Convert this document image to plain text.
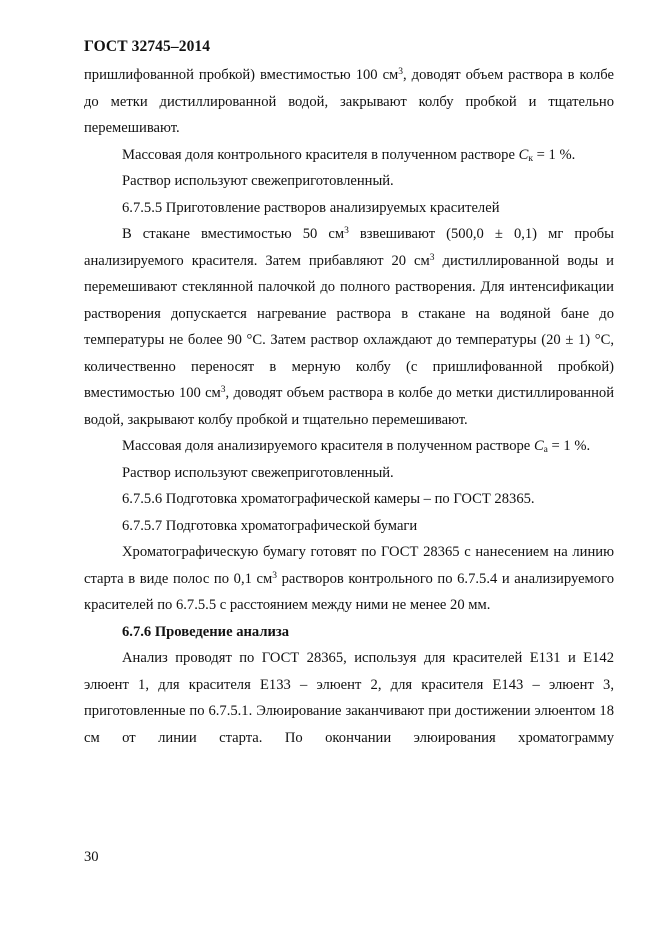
ГОСТ 32745–2014

пришлифованной пробкой) вместимостью 100 $см^3$, доводят объем раствора в колбе до метки дистиллированной водой, закрывают колбу пробкой и тщательно перемешивают.

Массовая доля контрольного красителя в полученном растворе $C_к = 1$ %.

Раствор используют свежеприготовленный.

6.7.5.5 Приготовление растворов анализируемых красителей

В стакане вместимостью 50 $см^3$ взвешивают (500,0 ± 0,1) мг пробы анализируемого красителя. Затем прибавляют 20 $см^3$ дистиллированной воды и перемешивают стеклянной палочкой до полного растворения. Для интенсификации растворения допускается нагревание раствора в стакане на водяной бане до температуры не более 90 °С. Затем раствор охлаждают до температуры (20 ± 1) °С, количественно переносят в мерную колбу (с пришлифованной пробкой) вместимостью 100 $см^3$, доводят объем раствора в колбе до метки дистиллированной водой, закрывают колбу пробкой и тщательно перемешивают.

Массовая доля анализируемого красителя в полученном растворе $C_а = 1$ %.

Раствор используют свежеприготовленный.

6.7.5.6 Подготовка хроматографической камеры – по ГОСТ 28365.

6.7.5.7 Подготовка хроматографической бумаги

Хроматографическую бумагу готовят по ГОСТ 28365 с нанесением на линию старта в виде полос по 0,1 $см^3$ растворов контрольного по 6.7.5.4 и анализируемого красителей по 6.7.5.5 с расстоянием между ними не менее 20 мм.

6.7.6 Проведение анализа

Анализ проводят по ГОСТ 28365, используя для красителей Е131 и Е142 элюент 1, для красителя Е133 – элюент 2, для красителя Е143 – элюент 3, приготовленные по 6.7.5.1. Элюирование заканчивают при достижении элюентом 18 см от линии старта. По окончании элюирования хроматограмму

30
